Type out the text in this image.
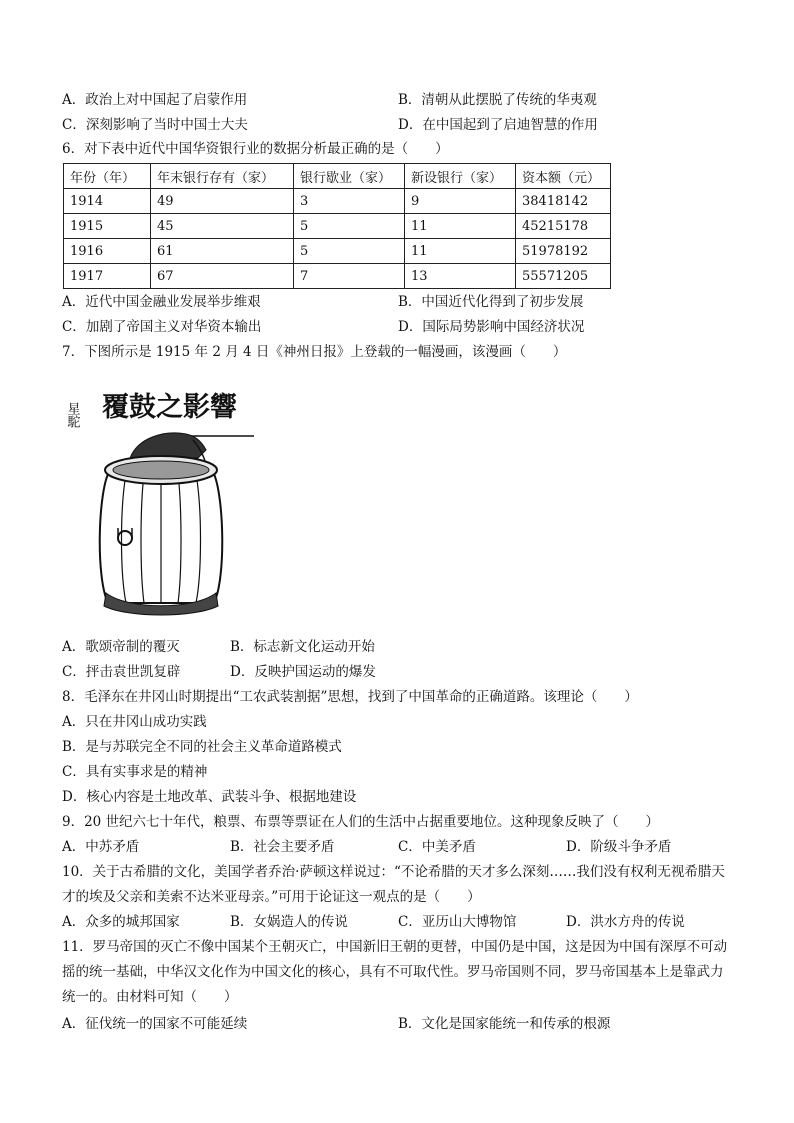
A．政治上对中国起了启蒙作用	B．清朝从此摆脱了传统的华夷观
C．深刻影响了当时中国士大夫	D．在中国起到了启迪智慧的作用
6．对下表中近代中国华资银行业的数据分析最正确的是（　　）
年份（年）	年末银行存有（家）	银行歇业（家）	新设银行（家）	资本额（元）
1914	49	3	9	38418142
1915	45	5	11	45215178
1916	61	5	11	51978192
1917	67	7	13	55571205
A．近代中国金融业发展举步维艰	B．中国近代化得到了初步发展
C．加剧了帝国主义对华资本输出	D．国际局势影响中国经济状况
7．下图所示是 1915 年 2 月 4 日《神州日报》上登载的一幅漫画，该漫画（　　）
覆鼓之影響
星駝
A．歌颂帝制的覆灭	B．标志新文化运动开始
C．抨击袁世凯复辟	D．反映护国运动的爆发
8．毛泽东在井冈山时期提出“工农武装割据”思想，找到了中国革命的正确道路。该理论（　　）
A．只在井冈山成功实践
B．是与苏联完全不同的社会主义革命道路模式
C．具有实事求是的精神
D．核心内容是土地改革、武装斗争、根据地建设
9．20 世纪六七十年代，粮票、布票等票证在人们的生活中占据重要地位。这种现象反映了（　　）
A．中苏矛盾	B．社会主要矛盾	C．中美矛盾	D．阶级斗争矛盾
10．关于古希腊的文化，美国学者乔治·萨顿这样说过：“不论希腊的天才多么深刻……我们没有权利无视希腊天才的埃及父亲和美索不达米亚母亲。”可用于论证这一观点的是（　　）
A．众多的城邦国家	B．女娲造人的传说	C．亚历山大博物馆	D．洪水方舟的传说
11．罗马帝国的灭亡不像中国某个王朝灭亡，中国新旧王朝的更替，中国仍是中国，这是因为中国有深厚不可动摇的统一基础，中华汉文化作为中国文化的核心，具有不可取代性。罗马帝国则不同，罗马帝国基本上是靠武力统一的。由材料可知（　　）
A．征伐统一的国家不可能延续	B．文化是国家能统一和传承的根源
